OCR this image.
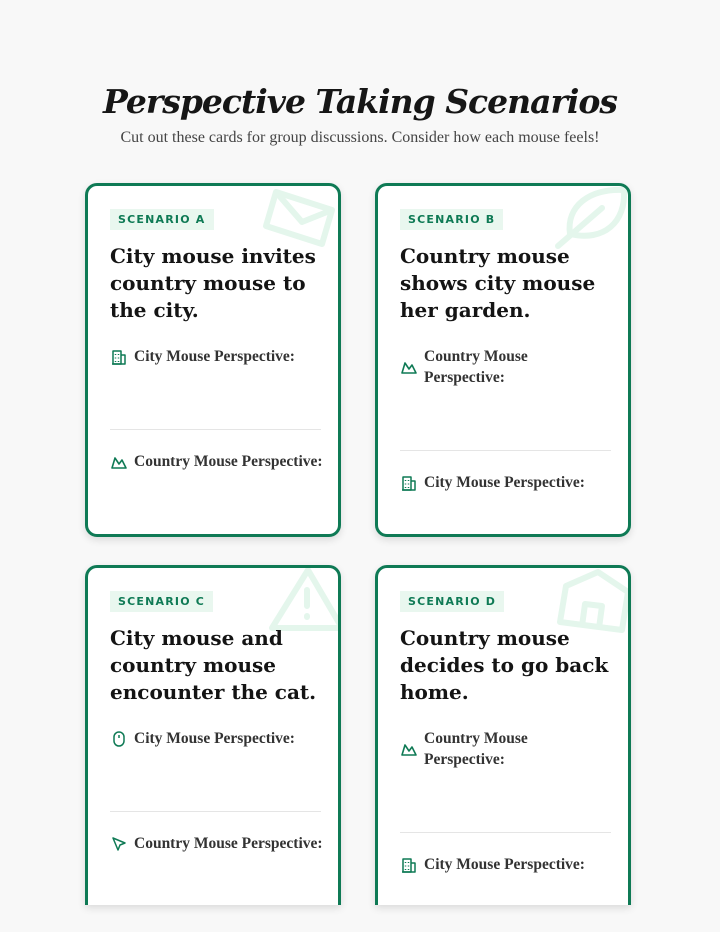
Perspective Taking Scenarios
Cut out these cards for group discussions. Consider how each mouse feels!
SCENARIO A
City mouse invites country mouse to the city.
City Mouse Perspective:
Country Mouse Perspective:
SCENARIO B
Country mouse shows city mouse her garden.
Country Mouse Perspective:
City Mouse Perspective:
SCENARIO C
City mouse and country mouse encounter the cat.
City Mouse Perspective:
Country Mouse Perspective:
SCENARIO D
Country mouse decides to go back home.
Country Mouse Perspective:
City Mouse Perspective:
